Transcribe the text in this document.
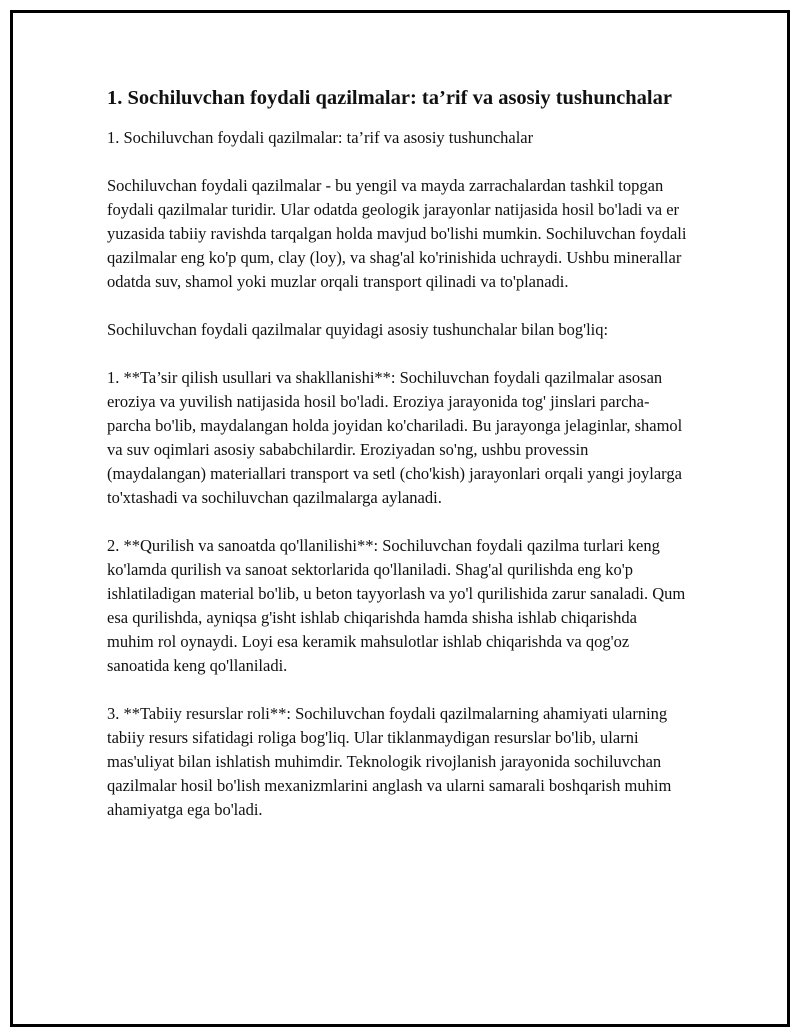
1. Sochiluvchan foydali qazilmalar: ta’rif va asosiy tushunchalar

1. Sochiluvchan foydali qazilmalar: ta’rif va asosiy tushunchalar

Sochiluvchan foydali qazilmalar - bu yengil va mayda zarrachalardan tashkil topgan foydali qazilmalar turidir. Ular odatda geologik jarayonlar natijasida hosil bo'ladi va er yuzasida tabiiy ravishda tarqalgan holda mavjud bo'lishi mumkin. Sochiluvchan foydali qazilmalar eng ko'p qum, clay (loy), va shag'al ko'rinishida uchraydi. Ushbu minerallar odatda suv, shamol yoki muzlar orqali transport qilinadi va to'planadi.

Sochiluvchan foydali qazilmalar quyidagi asosiy tushunchalar bilan bog'liq:

1. **Ta’sir qilish usullari va shakllanishi**: Sochiluvchan foydali qazilmalar asosan eroziya va yuvilish natijasida hosil bo'ladi. Eroziya jarayonida tog' jinslari parcha-parcha bo'lib, maydalangan holda joyidan ko'chariladi. Bu jarayonga jelaginlar, shamol va suv oqimlari asosiy sababchilardir. Eroziyadan so'ng, ushbu provessin (maydalangan) materiallari transport va setl (cho'kish) jarayonlari orqali yangi joylarga to'xtashadi va sochiluvchan qazilmalarga aylanadi.

2. **Qurilish va sanoatda qo'llanilishi**: Sochiluvchan foydali qazilma turlari keng ko'lamda qurilish va sanoat sektorlarida qo'llaniladi. Shag'al qurilishda eng ko'p ishlatiladigan material bo'lib, u beton tayyorlash va yo'l qurilishida zarur sanaladi. Qum esa qurilishda, ayniqsa g'isht ishlab chiqarishda hamda shisha ishlab chiqarishda muhim rol oynaydi. Loyi esa keramik mahsulotlar ishlab chiqarishda va qog'oz sanoatida keng qo'llaniladi.

3. **Tabiiy resurslar roli**: Sochiluvchan foydali qazilmalarning ahamiyati ularning tabiiy resurs sifatidagi roliga bog'liq. Ular tiklanmaydigan resurslar bo'lib, ularni mas'uliyat bilan ishlatish muhimdir. Teknologik rivojlanish jarayonida sochiluvchan qazilmalar hosil bo'lish mexanizmlarini anglash va ularni samarali boshqarish muhim ahamiyatga ega bo'ladi.
